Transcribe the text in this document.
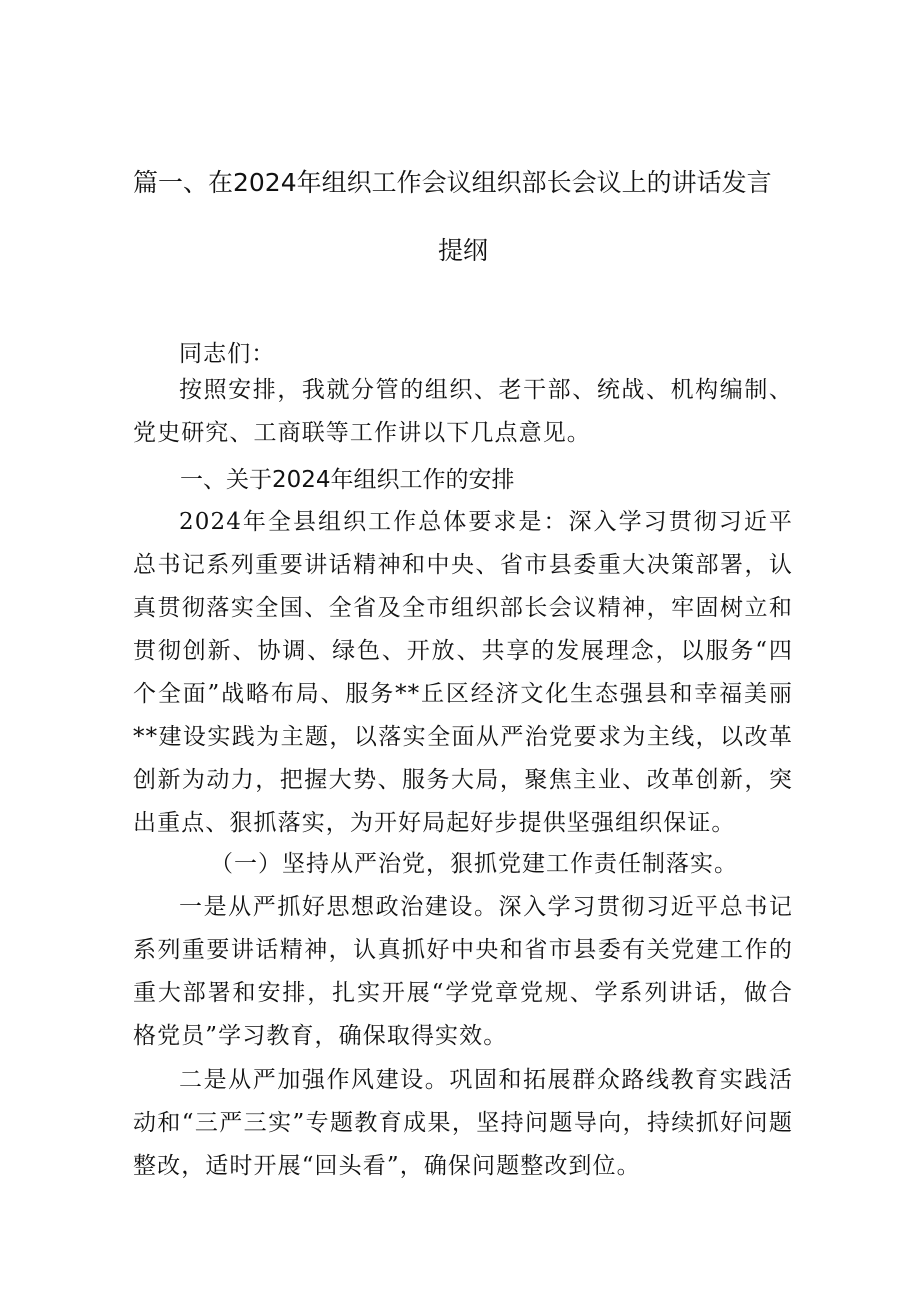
篇一、在2024年组织工作会议组织部长会议上的讲话发言
提纲
同志们：
按照安排，我就分管的组织、老干部、统战、机构编制、党史研究、工商联等工作讲以下几点意见。
一、关于2024年组织工作的安排
2024年全县组织工作总体要求是：深入学习贯彻习近平总书记系列重要讲话精神和中央、省市县委重大决策部署，认真贯彻落实全国、全省及全市组织部长会议精神，牢固树立和贯彻创新、协调、绿色、开放、共享的发展理念，以服务“四个全面”战略布局、服务**丘区经济文化生态强县和幸福美丽**建设实践为主题，以落实全面从严治党要求为主线，以改革创新为动力，把握大势、服务大局，聚焦主业、改革创新，突出重点、狠抓落实，为开好局起好步提供坚强组织保证。
（一）坚持从严治党，狠抓党建工作责任制落实。
一是从严抓好思想政治建设。深入学习贯彻习近平总书记系列重要讲话精神，认真抓好中央和省市县委有关党建工作的重大部署和安排，扎实开展“学党章党规、学系列讲话，做合格党员”学习教育，确保取得实效。
二是从严加强作风建设。巩固和拓展群众路线教育实践活动和“三严三实”专题教育成果，坚持问题导向，持续抓好问题整改，适时开展“回头看”，确保问题整改到位。
